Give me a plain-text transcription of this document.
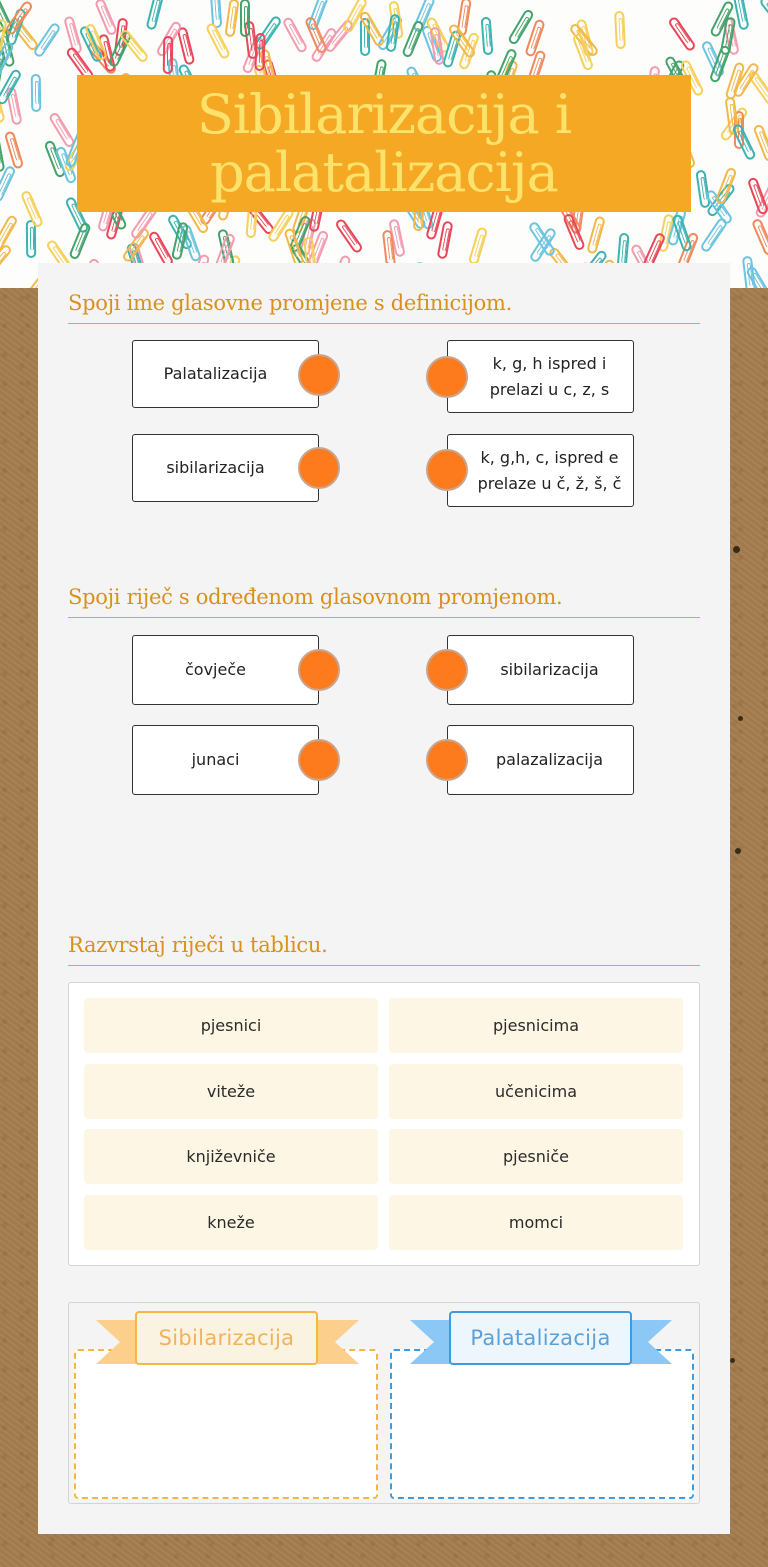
Sibilarizacija i
palatalizacija
Spoji ime glasovne promjene s definicijom.
Palatalizacija
k, g, h ispred i
prelazi u c, z, s
sibilarizacija
k, g,h, c, ispred e
prelaze u č, ž, š, č
Spoji riječ s određenom glasovnom promjenom.
čovječe	sibilarizacija
junaci	palazalizacija
Razvrstaj riječi u tablicu.
pjesnici	pjesnicima
viteže	učenicima
književniče	pjesniče
kneže	momci
Sibilarizacija	Palatalizacija
